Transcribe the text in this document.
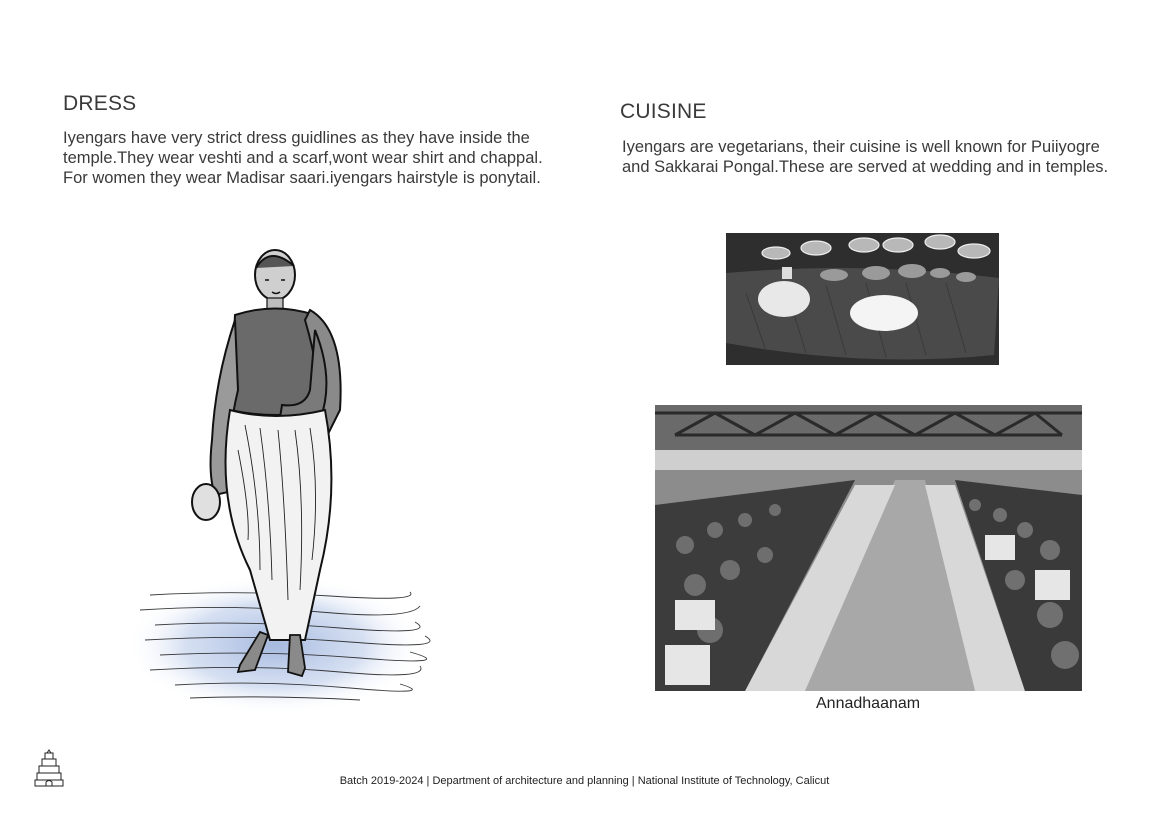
DRESS

Iyengars have very strict dress guidlines as they have inside the
temple.They wear veshti and a scarf,wont wear shirt and chappal.
For women they wear Madisar saari.iyengars hairstyle is ponytail.

CUISINE

Iyengars are vegetarians, their cuisine is well known for Puiiyogre
and Sakkarai Pongal.These are served at wedding and in temples.

Annadhaanam
Batch 2019-2024 | Department of architecture and planning | National Institute of Technology, Calicut
